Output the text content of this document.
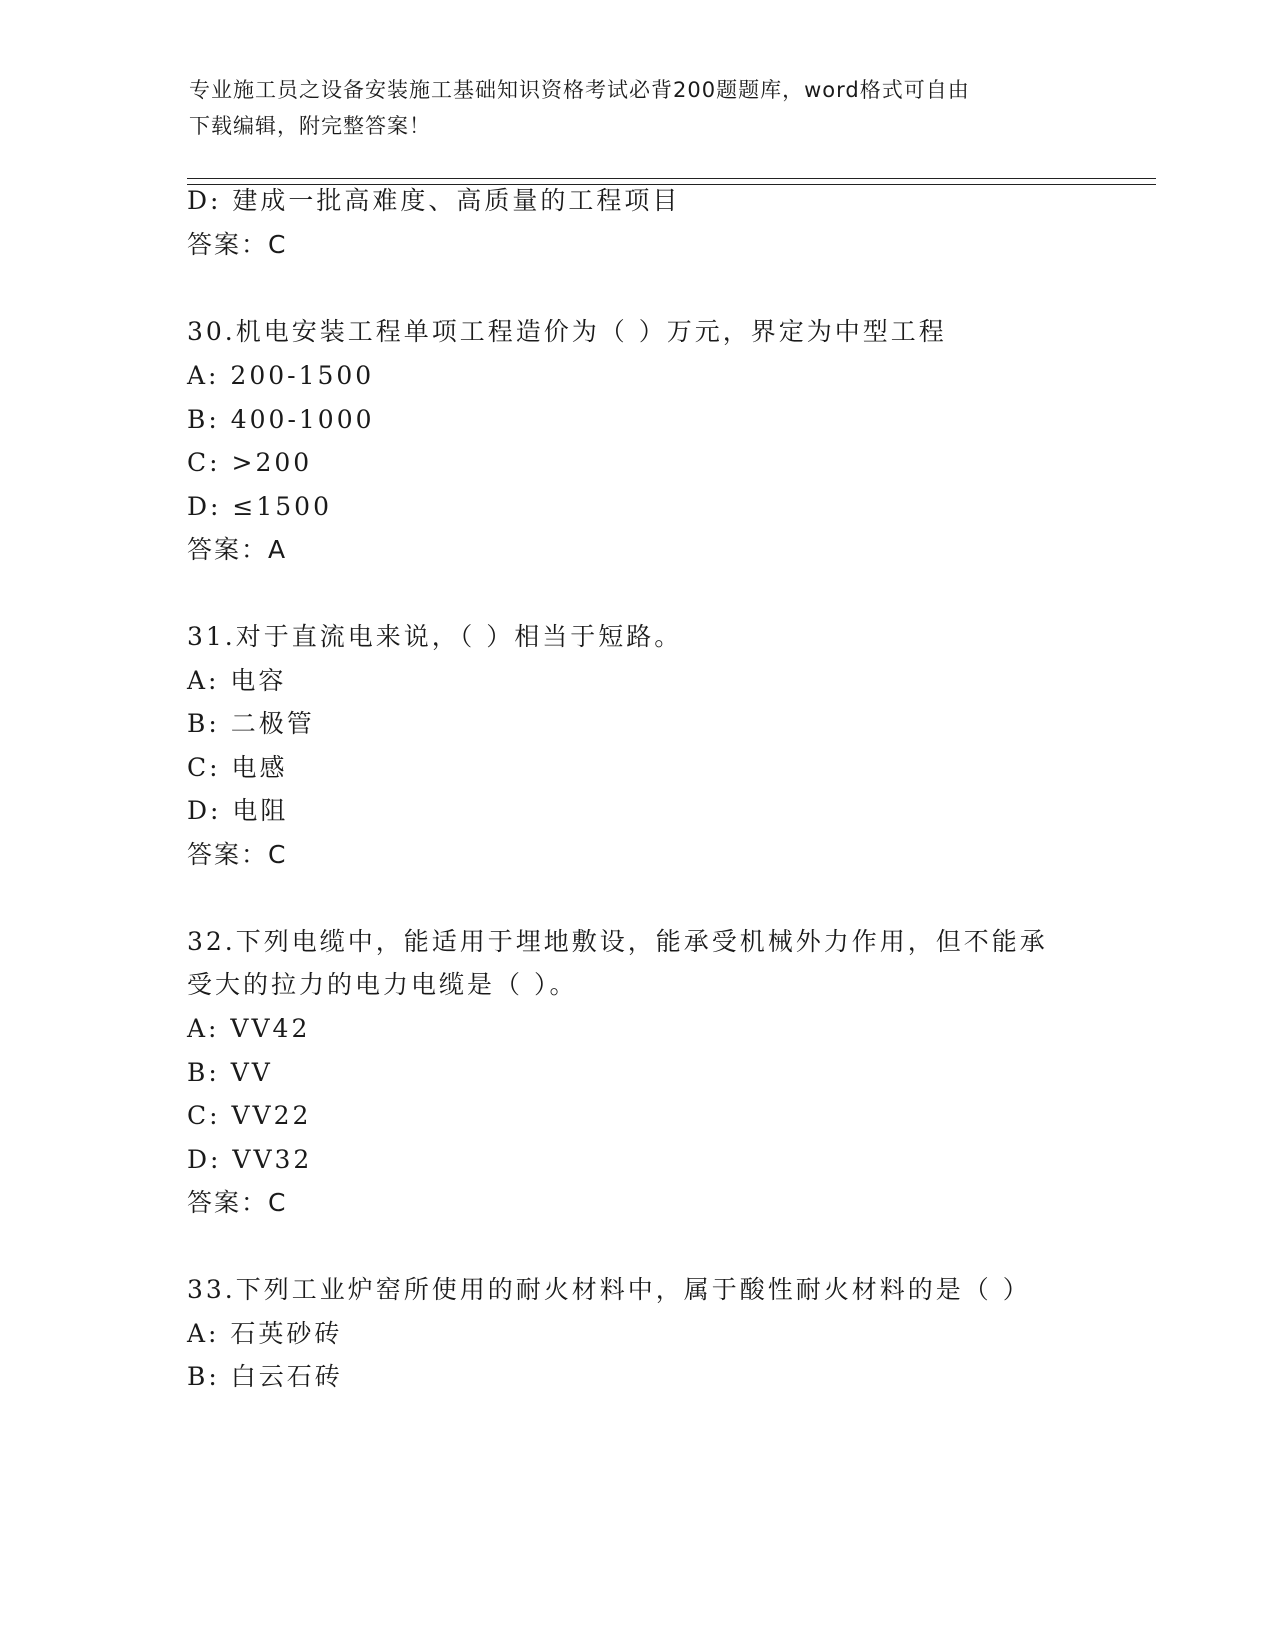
专业施工员之设备安装施工基础知识资格考试必背200题题库，word格式可自由
下载编辑，附完整答案！
D: 建成一批高难度、高质量的工程项目
答案：C
30.机电安装工程单项工程造价为（ ）万元，界定为中型工程
A: 200-1500
B: 400-1000
C: >200
D: ≤1500
答案：A
31.对于直流电来说，（ ）相当于短路。
A: 电容
B: 二极管
C: 电感
D: 电阻
答案：C
32.下列电缆中，能适用于埋地敷设，能承受机械外力作用，但不能承
受大的拉力的电力电缆是（ ）。
A: VV42
B: VV
C: VV22
D: VV32
答案：C
33.下列工业炉窑所使用的耐火材料中，属于酸性耐火材料的是（ ）
A: 石英砂砖
B: 白云石砖
